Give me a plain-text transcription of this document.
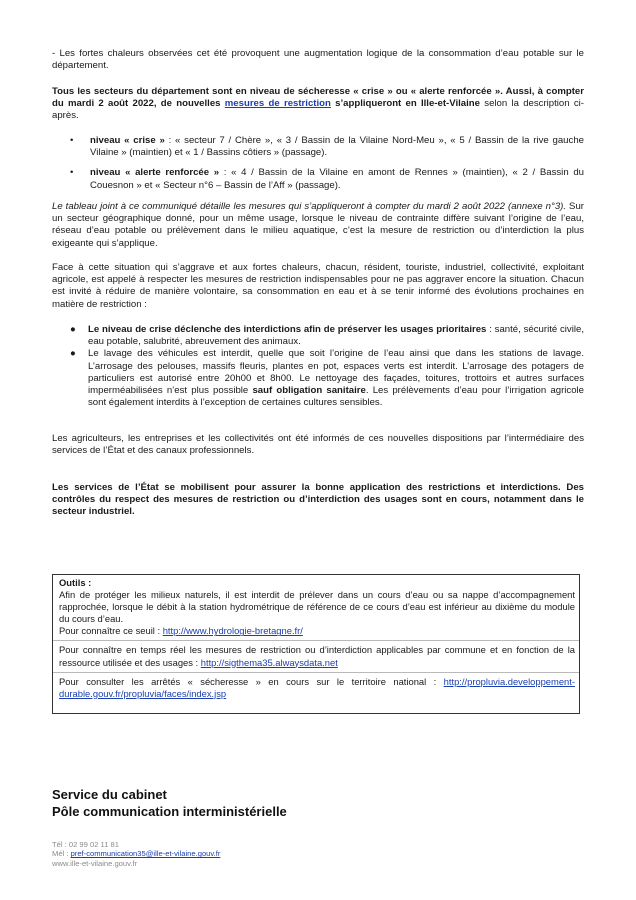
- Les fortes chaleurs observées cet été provoquent une augmentation logique de la consommation d’eau potable sur le département.

Tous les secteurs du département sont en niveau de sécheresse « crise » ou « alerte renforcée ». Aussi, à compter du mardi 2 août 2022, de nouvelles mesures de restriction s’appliqueront en Ille-et-Vilaine selon la description ci-après.

• niveau « crise » : « secteur 7 / Chère », « 3 / Bassin de la Vilaine Nord-Meu », « 5 / Bassin de la rive gauche Vilaine » (maintien) et « 1 / Bassins côtiers » (passage).
• niveau « alerte renforcée » : « 4 / Bassin de la Vilaine en amont de Rennes » (maintien), « 2 / Bassin du Couesnon » et « Secteur n°6 – Bassin de l’Aff » (passage).

Le tableau joint à ce communiqué détaille les mesures qui s’appliqueront à compter du mardi 2 août 2022 (annexe n°3). Sur un secteur géographique donné, pour un même usage, lorsque le niveau de contrainte diffère suivant l’origine de l’eau, réseau d’eau potable ou prélèvement dans le milieu aquatique, c’est la mesure de restriction ou d’interdiction la plus exigeante qui s’applique.

Face à cette situation qui s’aggrave et aux fortes chaleurs, chacun, résident, touriste, industriel, collectivité, exploitant agricole, est appelé à respecter les mesures de restriction indispensables pour ne pas aggraver encore la situation. Chacun est invité à réduire de manière volontaire, sa consommation en eau et à se tenir informé des évolutions prochaines en matière de restriction :

● Le niveau de crise déclenche des interdictions afin de préserver les usages prioritaires : santé, sécurité civile, eau potable, salubrité, abreuvement des animaux.
● Le lavage des véhicules est interdit, quelle que soit l’origine de l’eau ainsi que dans les stations de lavage. L’arrosage des pelouses, massifs fleuris, plantes en pot, espaces verts est interdit. L’arrosage des potagers de particuliers est autorisé entre 20h00 et 8h00. Le nettoyage des façades, toitures, trottoirs et autres surfaces imperméabilisées n’est plus possible sauf obligation sanitaire. Les prélèvements d’eau pour l’irrigation agricole sont également interdits à l’exception de certaines cultures sensibles.

Les agriculteurs, les entreprises et les collectivités ont été informés de ces nouvelles dispositions par l’intermédiaire des services de l’État et des canaux professionnels.

Les services de l’État se mobilisent pour assurer la bonne application des restrictions et interdictions. Des contrôles du respect des mesures de restriction ou d’interdiction des usages sont en cours, notamment dans le secteur industriel.

Outils :

Afin de protéger les milieux naturels, il est interdit de prélever dans un cours d’eau ou sa nappe d’accompagnement rapprochée, lorsque le débit à la station hydrométrique de référence de ce cours d’eau est inférieur au dixième du module du cours d’eau.

Pour connaître ce seuil : http://www.hydrologie-bretagne.fr/

Pour connaître en temps réel les mesures de restriction ou d’interdiction applicables par commune et en fonction de la ressource utilisée et des usages : http://sigthema35.alwaysdata.net

Pour consulter les arrêtés « sécheresse » en cours sur le territoire national : http://propluvia.developpement-durable.gouv.fr/propluvia/faces/index.jsp

Service du cabinet
Pôle communication interministérielle
Tél : 02 99 02 11 81
Mél : pref-communication35@ille-et-vilaine.gouv.fr
www.ille-et-vilaine.gouv.fr
